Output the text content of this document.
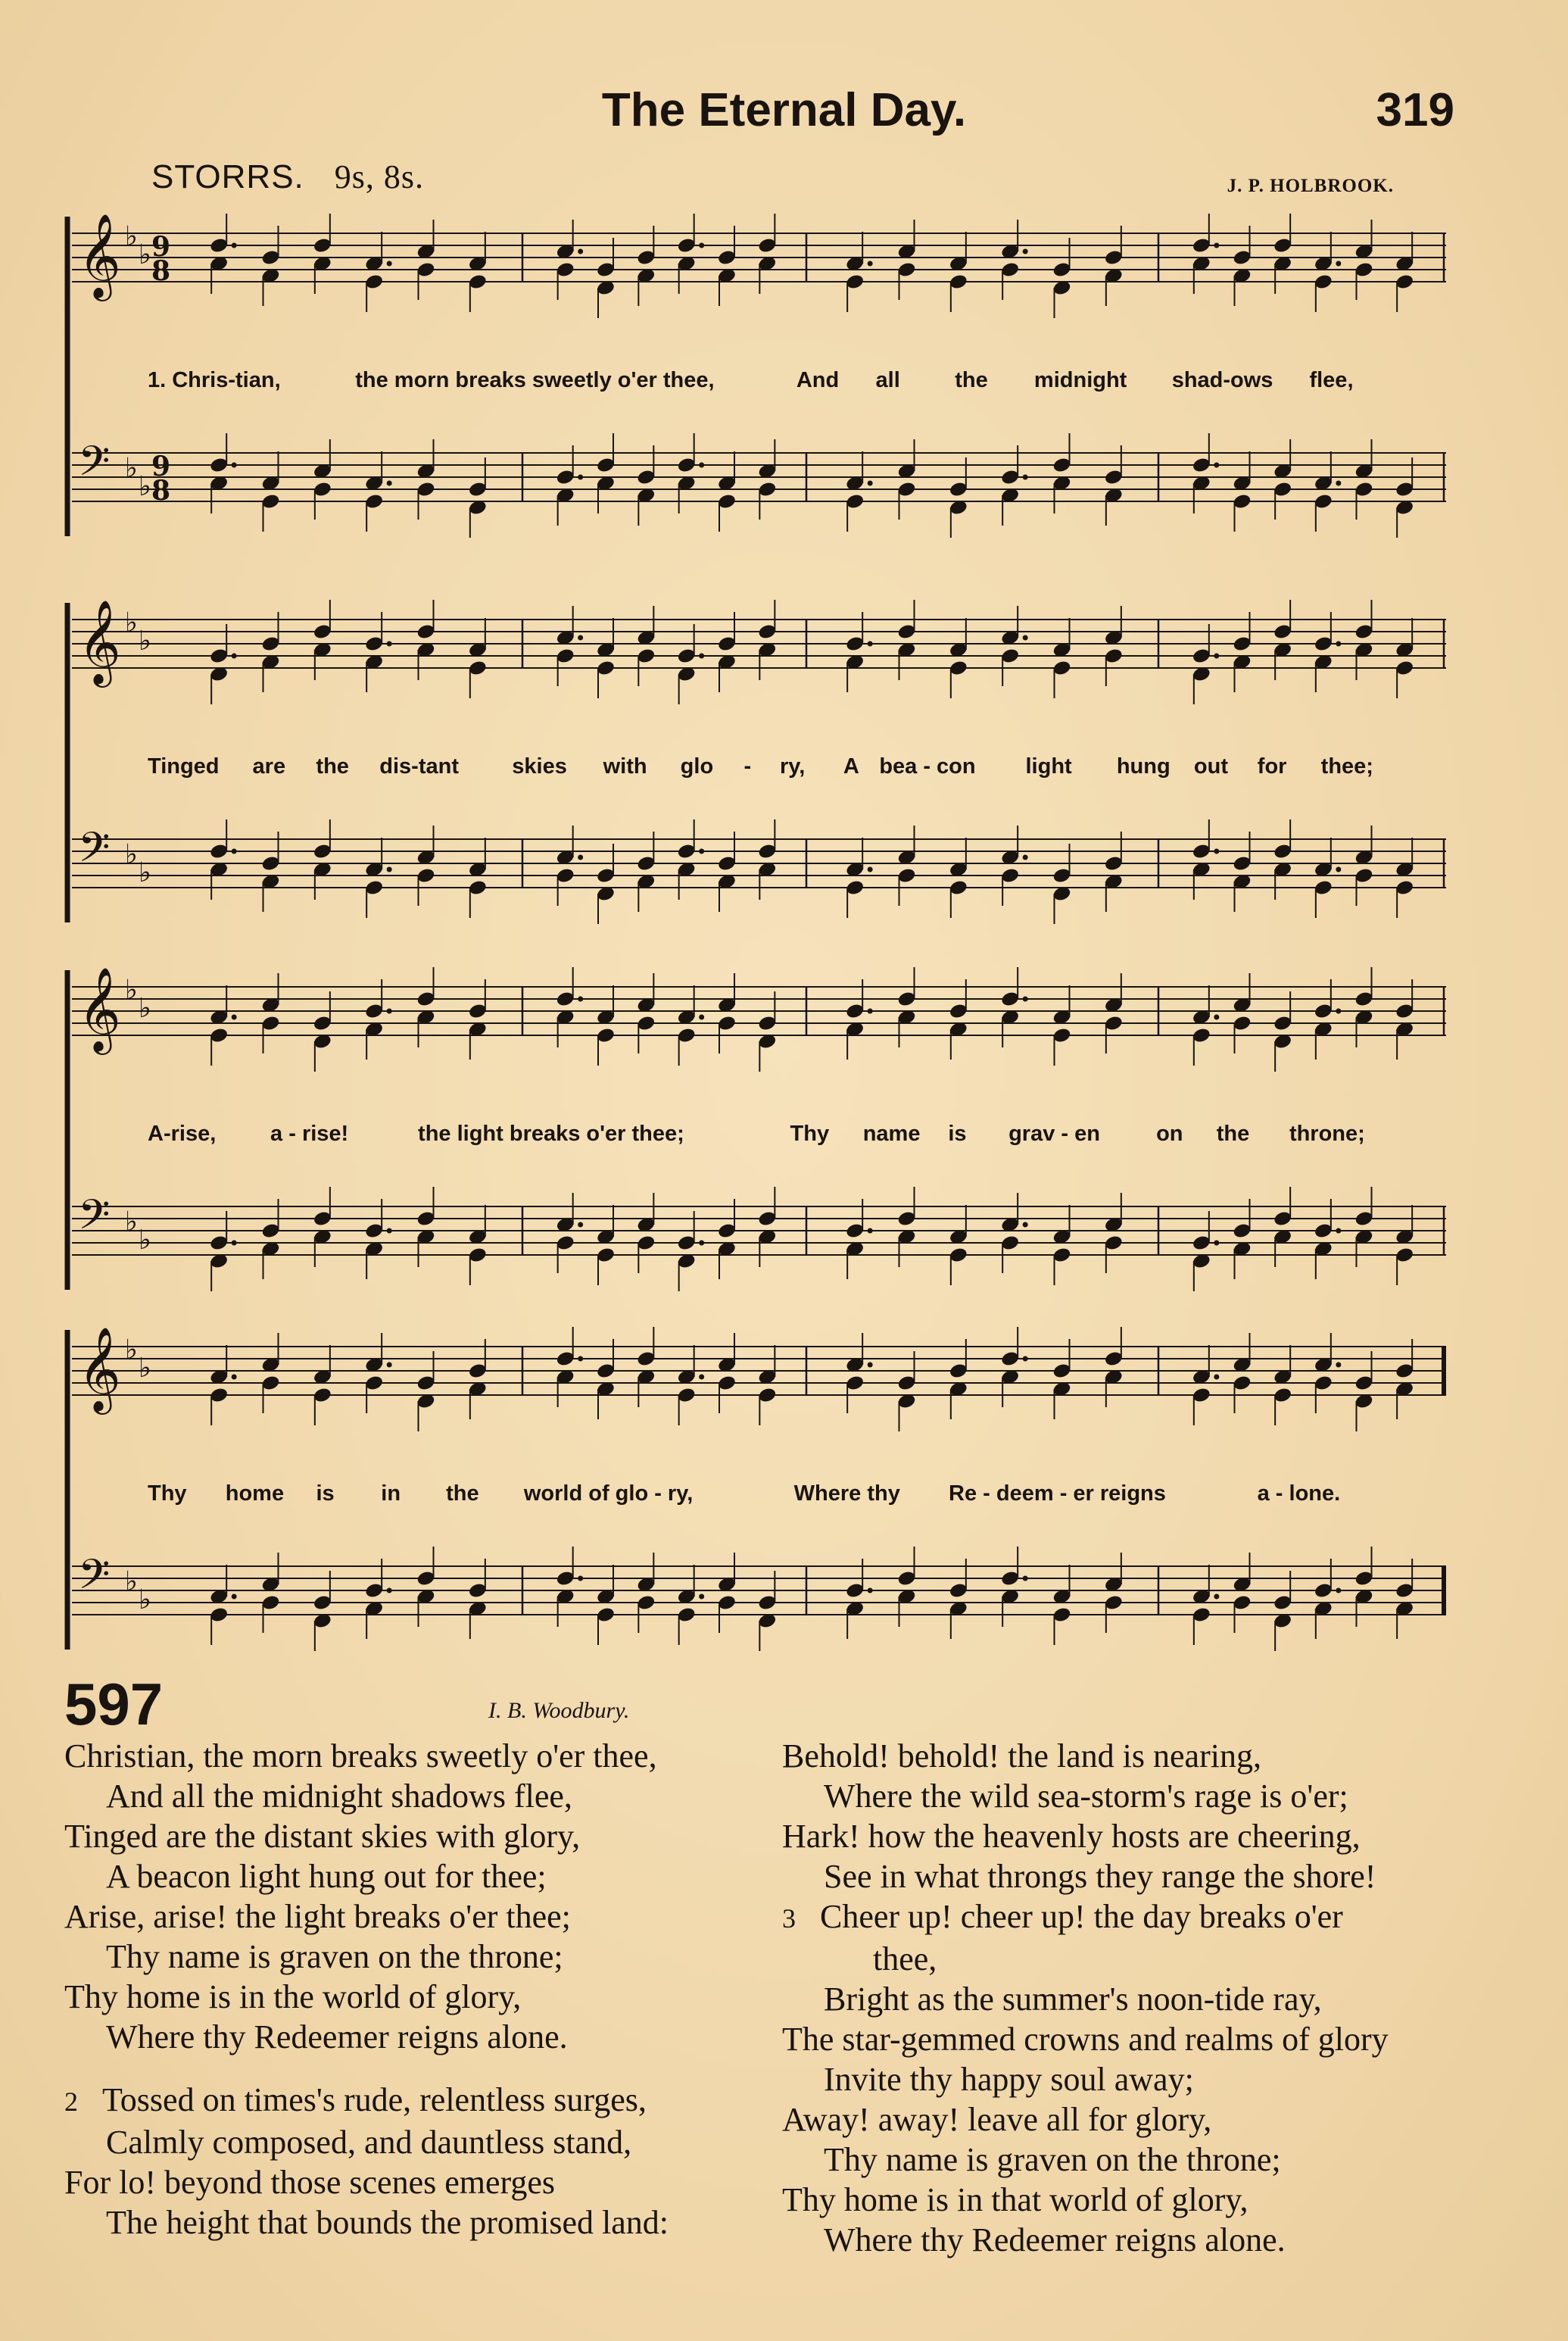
The Eternal Day.	319
STORRS. 9s, 8s.	J. P. HOLBROOK.
𝄞 ♭
♭ 9
8
𝄢 ♭
♭
9
8
1. Chris-tian,	the morn breaks sweetly o'er thee,	And all the midnight shad-ows flee,
𝄞 ♭
♭
𝄢 ♭
♭
Tinged are the dis-tant skies with glo - ry, A bea - con light hung out for thee;
𝄞 ♭
♭
𝄢 ♭
♭
A-rise, a - rise!	the light breaks o'er thee;	Thy name is grav - en	on the throne;
𝄞 ♭
♭
𝄢 ♭
♭
Thy home is in the world of glo - ry,	Where thy Re - deem - er reigns	a - lone.
597	I. B. Woodbury.
Christian, the morn breaks sweetly o'er thee,
And all the midnight shadows flee,
Tinged are the distant skies with glory,
A beacon light hung out for thee;
Arise, arise! the light breaks o'er thee;
Thy name is graven on the throne;
Thy home is in the world of glory,
Where thy Redeemer reigns alone.
2 Tossed on times's rude, relentless surges,
Calmly composed, and dauntless stand,
For lo! beyond those scenes emerges
The height that bounds the promised land:
Behold! behold! the land is nearing,
Where the wild sea-storm's rage is o'er;
Hark! how the heavenly hosts are cheering,
See in what throngs they range the shore!
3 Cheer up! cheer up! the day breaks o'er
thee,
Bright as the summer's noon-tide ray,
The star-gemmed crowns and realms of glory
Invite thy happy soul away;
Away! away! leave all for glory,
Thy name is graven on the throne;
Thy home is in that world of glory,
Where thy Redeemer reigns alone.
